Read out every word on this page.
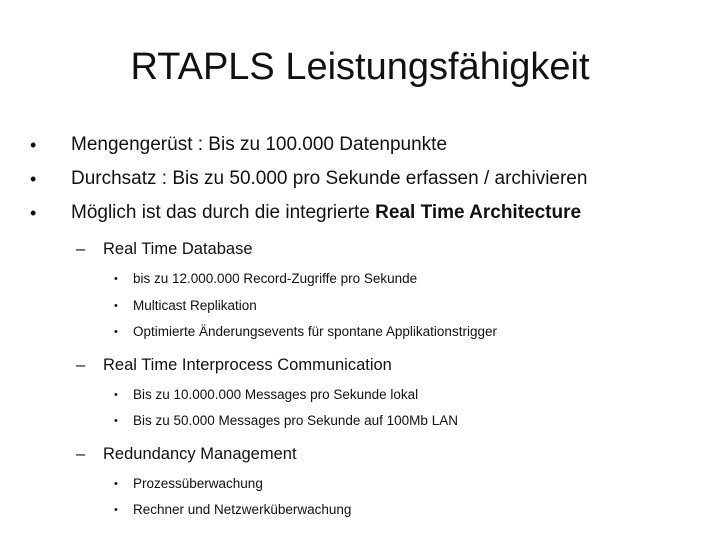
RTAPLS Leistungsfähigkeit
• Mengengerüst : Bis zu 100.000 Datenpunkte
• Durchsatz : Bis zu 50.000 pro Sekunde erfassen / archivieren
• Möglich ist das durch die integrierte Real Time Architecture
– Real Time Database
• bis zu 12.000.000 Record-Zugriffe pro Sekunde
• Multicast Replikation
• Optimierte Änderungsevents für spontane Applikationstrigger
– Real Time Interprocess Communication
• Bis zu 10.000.000 Messages pro Sekunde lokal
• Bis zu 50.000 Messages pro Sekunde auf 100Mb LAN
– Redundancy Management
• Prozessüberwachung
• Rechner und Netzwerküberwachung
